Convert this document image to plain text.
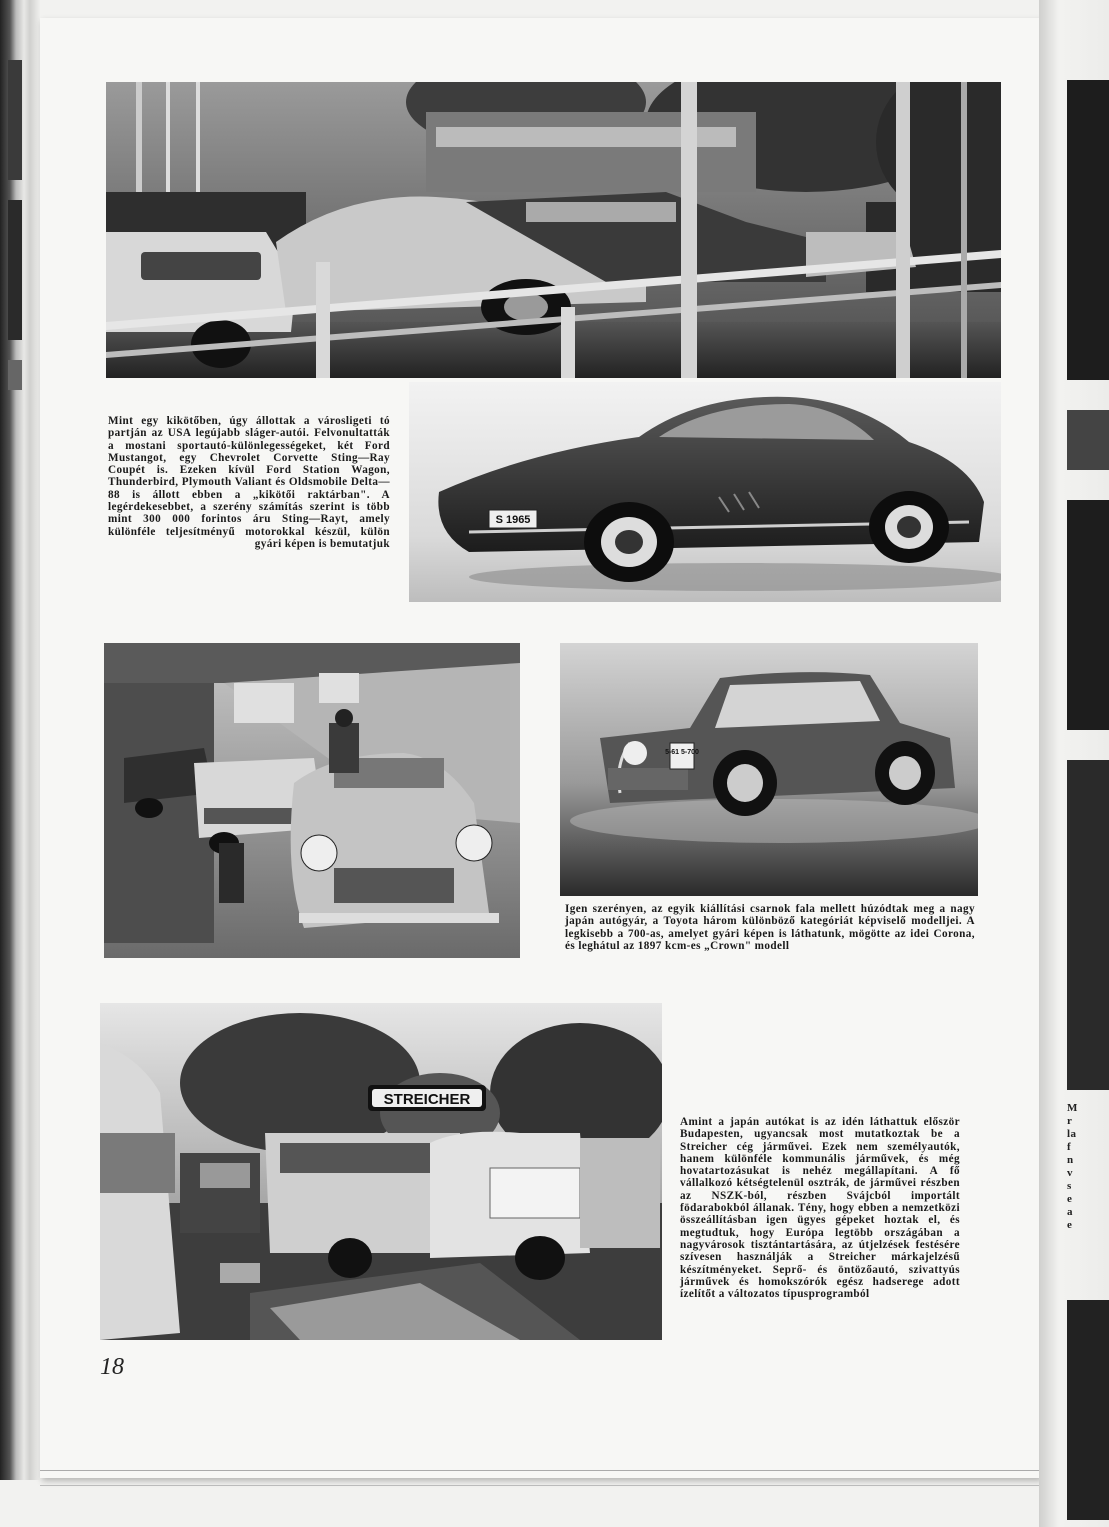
S 1965
Mint egy kikötőben, úgy állottak a városligeti tó partján az USA legújabb sláger-autói. Felvonultatták a mostani sportautó-különlegességeket, két Ford Mustangot, egy Chevrolet Corvette Sting—Ray Coupét is. Ezeken kívül Ford Station Wagon, Thunderbird, Plymouth Valiant és Oldsmobile Delta—88 is állott ebben a „kikötői raktárban". A legérdekesebbet, a szerény számítás szerint is több mint 300 000 forintos áru Sting—Rayt, amely különféle teljesítményű motorokkal készül, külön gyári képen is bemutatjuk
5-61 5-700
Igen szerényen, az egyik kiállítási csarnok fala mellett húzódtak meg a nagy japán autógyár, a Toyota három különböző kategóriát képviselő modelljei. A legkisebb a 700-as, amelyet gyári képen is láthatunk, mögötte az idei Corona, és leghátul az 1897 kcm-es „Crown" modell
STREICHER
Amint a japán autókat is az idén láthattuk először Budapesten, ugyancsak most mutatkoztak be a Streicher cég járművei. Ezek nem személyautók, hanem különféle kommunális járművek, és még hovatartozásukat is nehéz megállapítani. A fő vállalkozó kétségtelenül osztrák, de járművei részben az NSZK-ból, részben Svájcból importált födarabokból állanak. Tény, hogy ebben a nemzetközi összeállításban igen ügyes gépeket hoztak el, és megtudtuk, hogy Európa legtöbb országában a nagyvárosok tisztántartására, az útjelzések festésére szívesen használják a Streicher márkajelzésű készítményeket. Seprő- és öntözőautó, szivattyús járművek és homokszórók egész hadserege adott ízelítőt a változatos típusprogramból
18
M
r
la
f
n
v
s
e
a
e
